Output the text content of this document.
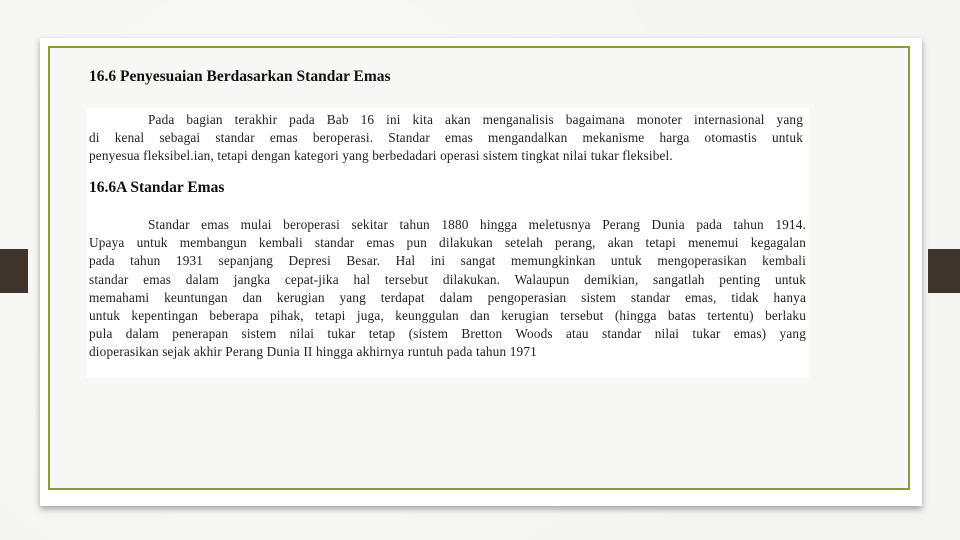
16.6 Penyesuaian Berdasarkan Standar Emas
Pada bagian terakhir pada Bab 16 ini kita akan menganalisis bagaimana monoter internasional yang
di kenal sebagai standar emas beroperasi. Standar emas mengandalkan mekanisme harga otomastis untuk
penyesua fleksibel.ian, tetapi dengan kategori yang berbedadari operasi sistem tingkat nilai tukar fleksibel.
16.6A Standar Emas
Standar emas mulai beroperasi sekitar tahun 1880 hingga meletusnya Perang Dunia pada tahun 1914.
Upaya untuk membangun kembali standar emas pun dilakukan setelah perang, akan tetapi menemui kegagalan
pada tahun 1931 sepanjang Depresi Besar. Hal ini sangat memungkinkan untuk mengoperasikan kembali
standar emas dalam jangka cepat-jika hal tersebut dilakukan. Walaupun demikian, sangatlah penting untuk
memahami keuntungan dan kerugian yang terdapat dalam pengoperasian sistem standar emas, tidak hanya
untuk kepentingan beberapa pihak, tetapi juga, keunggulan dan kerugian tersebut (hingga batas tertentu) berlaku
pula dalam penerapan sistem nilai tukar tetap (sistem Bretton Woods atau standar nilai tukar emas) yang
dioperasikan sejak akhir Perang Dunia II hingga akhirnya runtuh pada tahun 1971
